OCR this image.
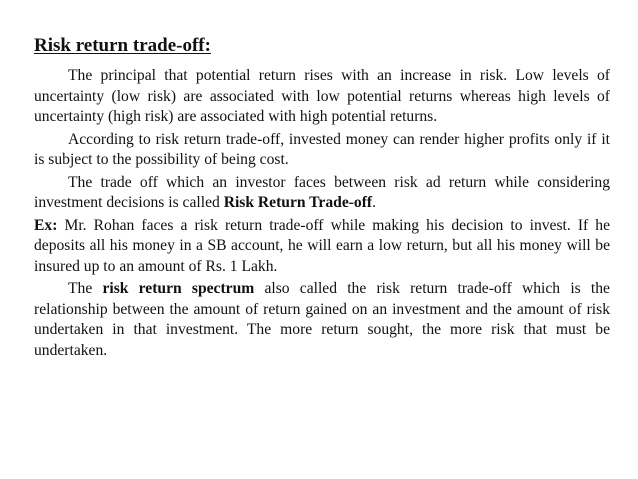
Risk return trade-off:

The principal that potential return rises with an increase in risk. Low levels of uncertainty (low risk) are associated with low potential returns whereas high levels of uncertainty (high risk) are associated with high potential returns.

According to risk return trade-off, invested money can render higher profits only if it is subject to the possibility of being cost.

The trade off which an investor faces between risk ad return while considering investment decisions is called Risk Return Trade-off.

Ex: Mr. Rohan faces a risk return trade-off while making his decision to invest. If he deposits all his money in a SB account, he will earn a low return, but all his money will be insured up to an amount of Rs. 1 Lakh.

The risk return spectrum also called the risk return trade-off which is the relationship between the amount of return gained on an investment and the amount of risk undertaken in that investment. The more return sought, the more risk that must be undertaken.
